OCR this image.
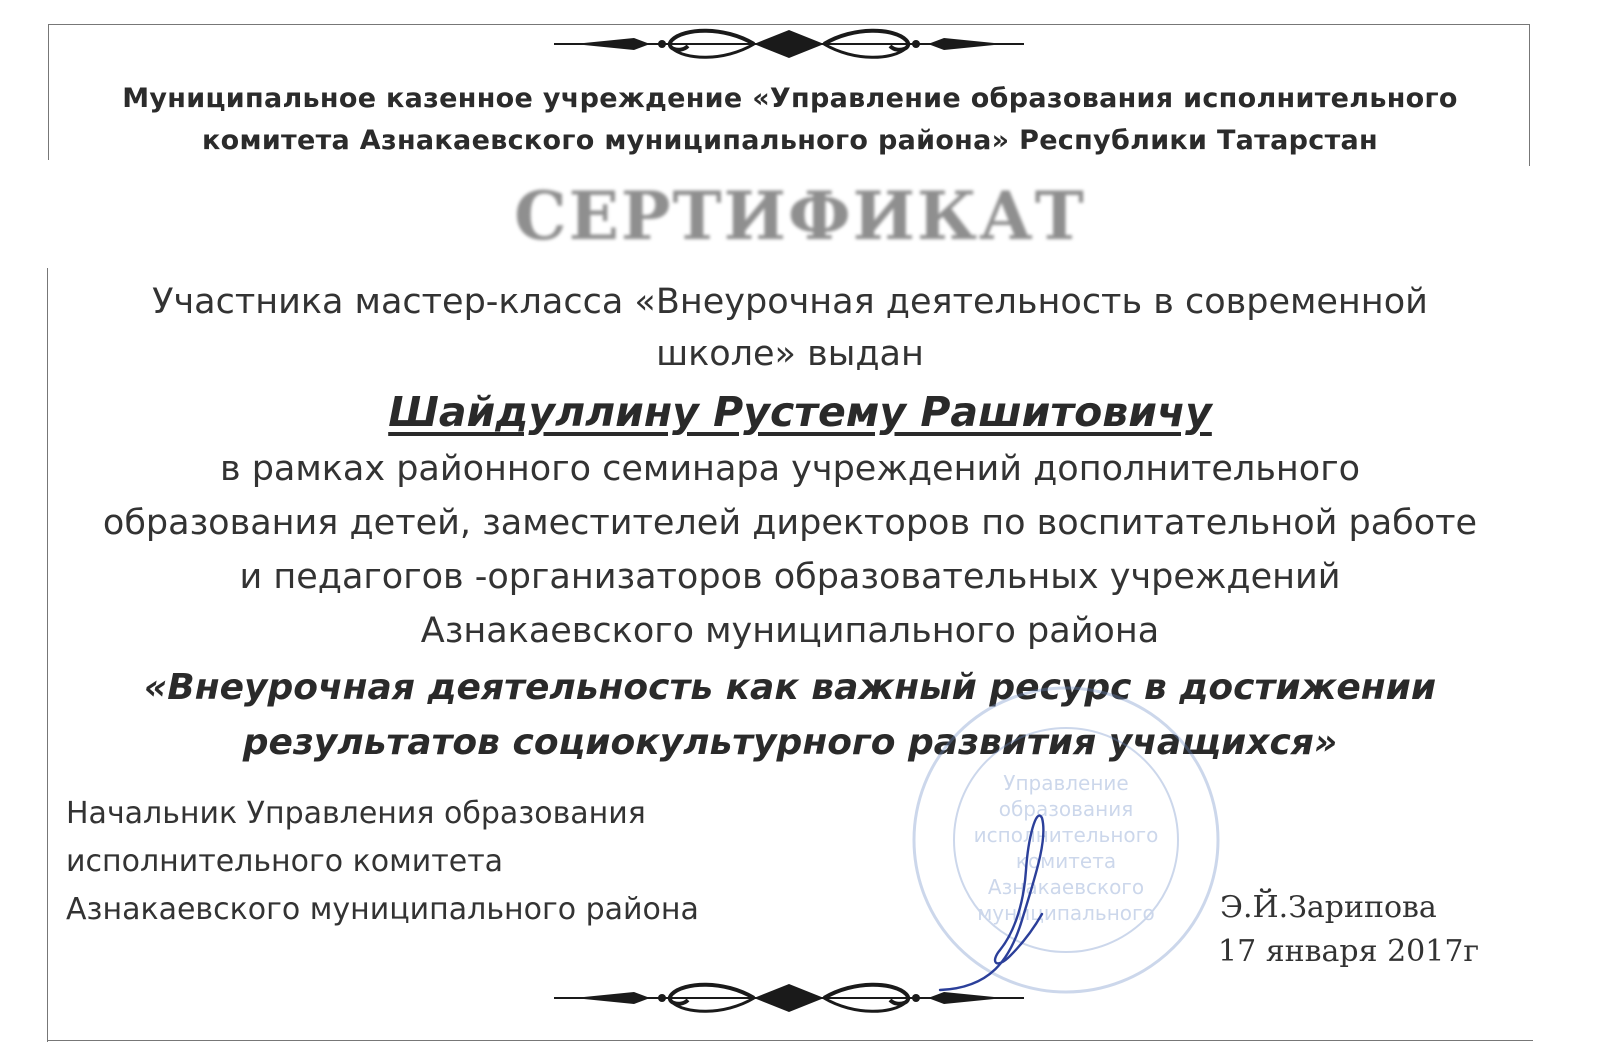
Муниципальное казенное учреждение «Управление образования исполнительного
комитета Азнакаевского муниципального района» Республики Татарстан
СЕРТИФИКАТ
Участника мастер-класса «Внеурочная деятельность в современной
школе» выдан
Шайдуллину Рустему Рашитовичу
в рамках районного семинара учреждений дополнительного
образования детей, заместителей директоров по воспитательной работе
и педагогов -организаторов образовательных учреждений
Азнакаевского муниципального района
«Внеурочная деятельность как важный ресурс в достижении
результатов социокультурного развития учащихся»
Управление
образования
исполнительного
комитета
Азнакаевского
муниципального
Начальник Управления образования
исполнительного комитета
Азнакаевского муниципального района	Э.Й.Зарипова
17 января 2017г
